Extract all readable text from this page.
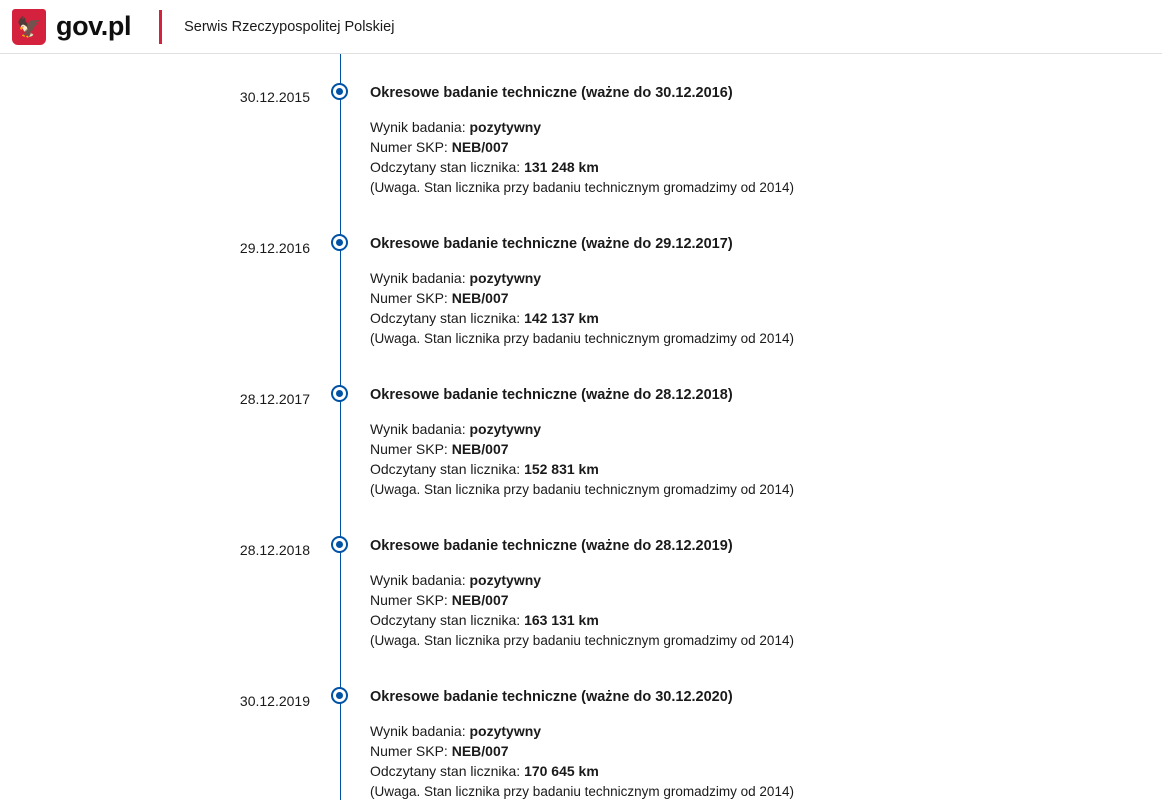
🦅 gov.pl	Serwis Rzeczypospolitej Polskiej
30.12.2015	Okresowe badanie techniczne (ważne do 30.12.2016)
Wynik badania: pozytywny
Numer SKP: NEB/007
Odczytany stan licznika: 131 248 km
(Uwaga. Stan licznika przy badaniu technicznym gromadzimy od 2014)
29.12.2016	Okresowe badanie techniczne (ważne do 29.12.2017)
Wynik badania: pozytywny
Numer SKP: NEB/007
Odczytany stan licznika: 142 137 km
(Uwaga. Stan licznika przy badaniu technicznym gromadzimy od 2014)
28.12.2017	Okresowe badanie techniczne (ważne do 28.12.2018)
Wynik badania: pozytywny
Numer SKP: NEB/007
Odczytany stan licznika: 152 831 km
(Uwaga. Stan licznika przy badaniu technicznym gromadzimy od 2014)
28.12.2018	Okresowe badanie techniczne (ważne do 28.12.2019)
Wynik badania: pozytywny
Numer SKP: NEB/007
Odczytany stan licznika: 163 131 km
(Uwaga. Stan licznika przy badaniu technicznym gromadzimy od 2014)
30.12.2019	Okresowe badanie techniczne (ważne do 30.12.2020)
Wynik badania: pozytywny
Numer SKP: NEB/007
Odczytany stan licznika: 170 645 km
(Uwaga. Stan licznika przy badaniu technicznym gromadzimy od 2014)
